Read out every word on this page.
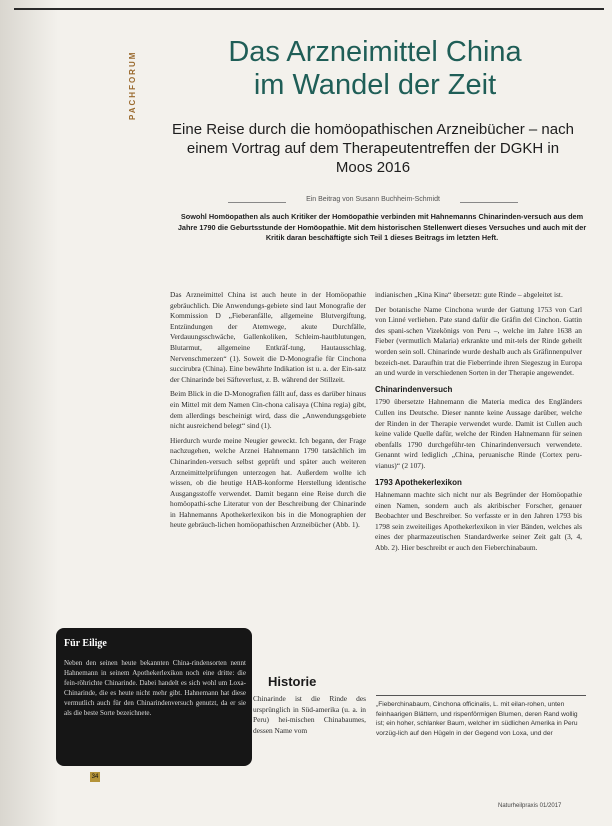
PACHFORUM	Das Arzneimittel China
im Wandel der Zeit
Eine Reise durch die homöopathischen Arzneibücher – nach einem Vortrag auf dem Therapeutentreffen der DGKH in Moos 2016
Ein Beitrag von Susann Buchheim-Schmidt
Sowohl Homöopathen als auch Kritiker der Homöopathie verbinden mit Hahnemanns Chinarinden-versuch aus dem Jahre 1790 die Geburtsstunde der Homöopathie. Mit dem historischen Stellenwert dieses Versuches und auch mit der Kritik daran beschäftigte sich Teil 1 dieses Beitrags im letzten Heft.

Das Arzneimittel China ist auch heute in der Homöopathie gebräuchlich. Die Anwendungs-gebiete sind laut Monografie der Kommission D „Fieberanfälle, allgemeine Blutvergiftung, Entzündungen der Atemwege, akute Durchfälle, Verdauungsschwäche, Gallenkoliken, Schleim-hautblutungen, Blutarmut, allgemeine Entkräf-tung, Hautausschlag, Nervenschmerzen“ (1). Soweit die D-Monografie für Cinchona succirubra (China). Eine bewährte Indikation ist u. a. der Ein-satz der Chinarinde bei Säfteverlust, z. B. während der Stillzeit.

Beim Blick in die D-Monografien fällt auf, dass es darüber hinaus ein Mittel mit dem Namen Cin-chona calisaya (China regia) gibt, dem allerdings bescheinigt wird, dass die „Anwendungsgebiete nicht ausreichend belegt“ sind (1).

Hierdurch wurde meine Neugier geweckt. Ich begann, der Frage nachzugehen, welche Arznei Hahnemann 1790 tatsächlich im Chinarinden-versuch selbst geprüft und später auch weiteren Arzneimittelprüfungen unterzogen hat. Außerdem wollte ich wissen, ob die heutige HAB-konforme Herstellung identische Ausgangsstoffe verwendet. Damit begann eine Reise durch die homöopathi-sche Literatur von der Beschreibung der Chinarinde in Hahnemanns Apothekerlexikon bis in die Monographien der heute gebräuch-lichen homöopathischen Arzneibücher (Abb. 1).

indianischen „Kina Kina“ übersetzt: gute Rinde – abgeleitet ist.

Der botanische Name Cinchona wurde der Gattung 1753 von Carl von Linné verliehen. Pate stand dafür die Gräfin del Cinchon. Gattin des spani-schen Vizekönigs von Peru –, welche im Jahre 1638 an Fieber (vermutlich Malaria) erkrankte und mit-tels der Rinde geheilt worden sein soll. Chinarinde wurde deshalb auch als Gräfinnenpulver bezeich-net. Daraufhin trat die Fieberrinde ihren Siegeszug in Europa an und wurde in verschiedenen Sorten in der Therapie angewendet.

Chinarindenversuch

1790 übersetzte Hahnemann die Materia medica des Engländers Cullen ins Deutsche. Dieser nannte keine Aussage darüber, welche der Rinden in der Therapie verwendet wurde. Damit ist Cullen auch keine valide Quelle dafür, welche der Rinden Hahnemann für seinen ebenfalls 1790 durchgeführ-ten Chinarindenversuch verwendete. Genannt wird lediglich „China, peruanische Rinde (Cortex peru-vianus)“ (2 107).

1793 Apothekerlexikon

Hahnemann machte sich nicht nur als Begründer der Homöopathie einen Namen, sondern auch als akribischer Forscher, genauer Beobachter und Beschreiber. So verfasste er in den Jahren 1793 bis 1798 sein zweiteiliges Apothekerlexikon in vier Bänden, welches als eines der pharmazeutischen Standardwerke seiner Zeit galt (3, 4, Abb. 2). Hier beschreibt er auch den Fieberchinabaum.

Historie

Chinarinde ist die Rinde des ursprünglich in Süd-amerika (u. a. in Peru) hei-mischen Chinabaumes, dessen Name vom

Für Eilige
Neben den seinen heute bekannten China-rindensorten nennt Hahnemann in seinem Apothekerlexikon noch eine dritte: die fein-röhrichte Chinarinde. Dabei handelt es sich wohl um Loxa-Chinarinde, die es heute nicht mehr gibt. Hahnemann hat diese vermutlich auch für den Chinarindenversuch genutzt, da er sie als die beste Sorte bezeichnete.
34
„Fieberchinabaum, Cinchona officinalis, L. mit eilan-rohen, unten feinhaarigen Blättern, und rispenförmigen Blumen, deren Rand wollig ist; ein hoher, schlanker Baum, welcher im südlichen Amerika in Peru vorzüg-lich auf den Hügeln in der Gegend von Loxa, und der
Naturheilpraxis 01/2017
